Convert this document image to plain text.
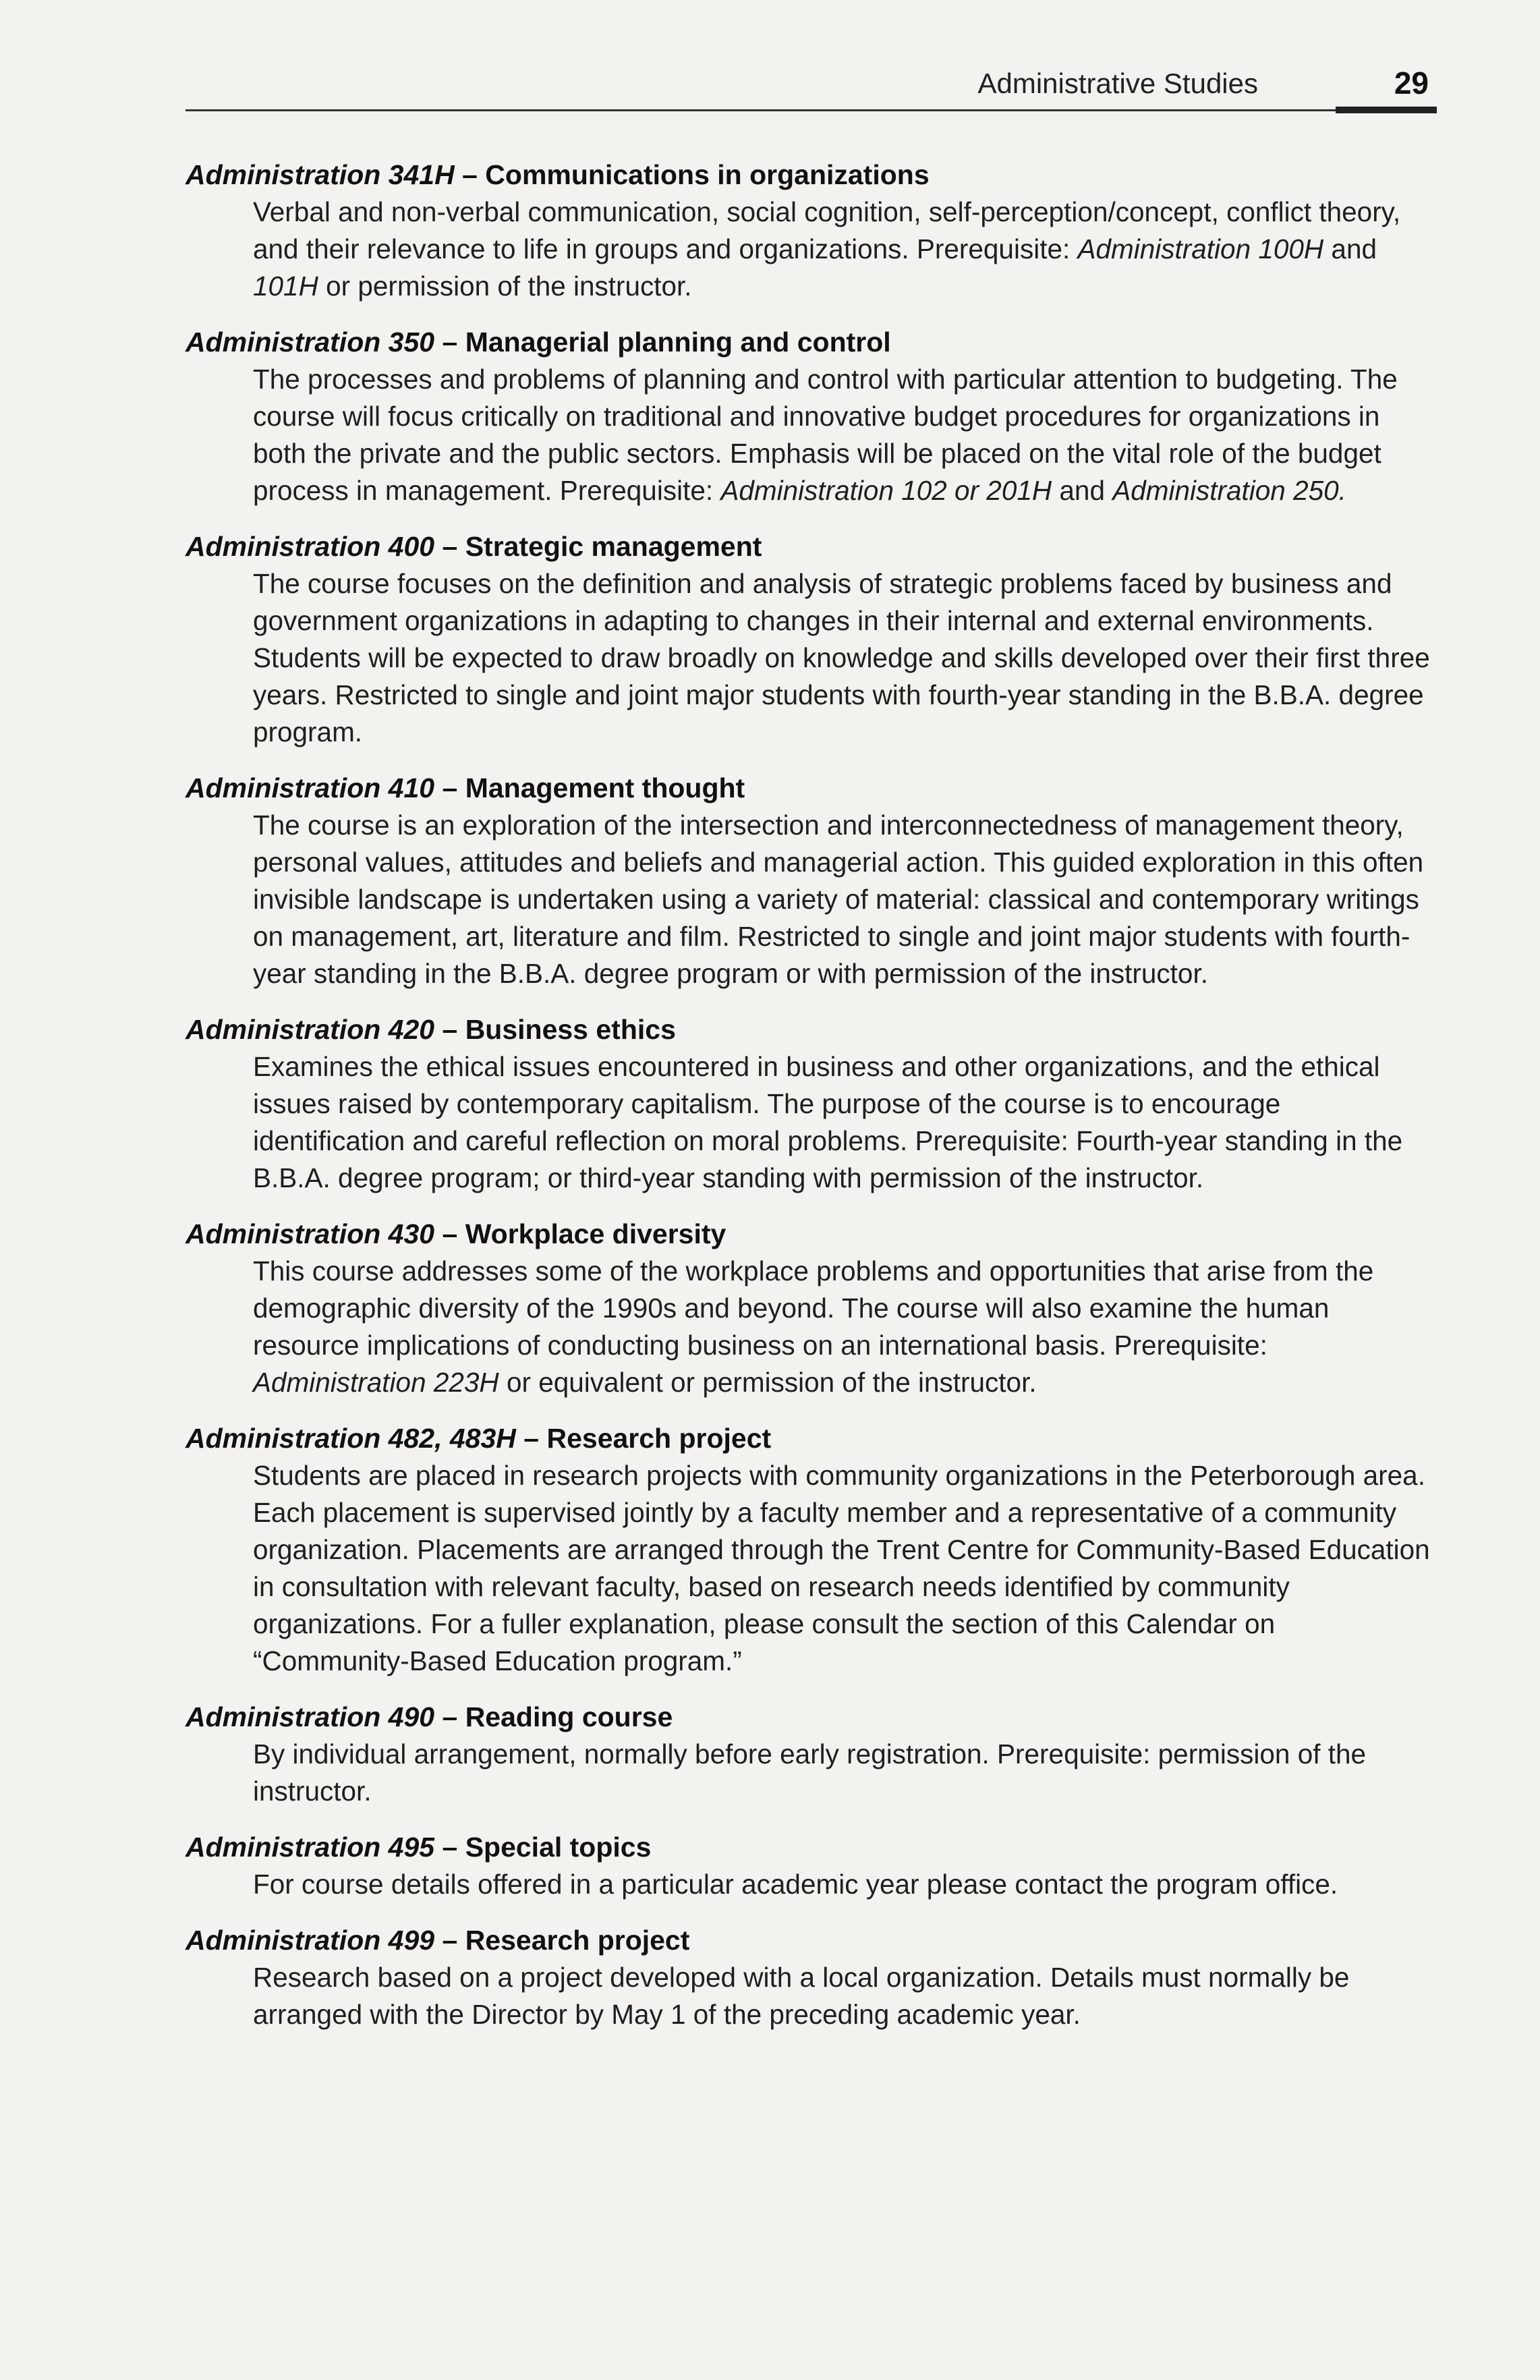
Administrative Studies	29

Administration 341H – Communications in organizations

Verbal and non-verbal communication, social cognition, self-perception/concept, conflict theory, and their relevance to life in groups and organizations. Prerequisite: Administration 100H and 101H or permission of the instructor.

Administration 350 – Managerial planning and control

The processes and problems of planning and control with particular attention to budgeting. The course will focus critically on traditional and innovative budget procedures for organizations in both the private and the public sectors. Emphasis will be placed on the vital role of the budget process in management. Prerequisite: Administration 102 or 201H and Administration 250.

Administration 400 – Strategic management

The course focuses on the definition and analysis of strategic problems faced by business and government organizations in adapting to changes in their internal and external environments. Students will be expected to draw broadly on knowledge and skills developed over their first three years. Restricted to single and joint major students with fourth-year standing in the B.B.A. degree program.

Administration 410 – Management thought

The course is an exploration of the intersection and interconnectedness of management theory, personal values, attitudes and beliefs and managerial action. This guided exploration in this often invisible landscape is undertaken using a variety of material: classical and contemporary writings on management, art, literature and film. Restricted to single and joint major students with fourth-year standing in the B.B.A. degree program or with permission of the instructor.

Administration 420 – Business ethics

Examines the ethical issues encountered in business and other organizations, and the ethical issues raised by contemporary capitalism. The purpose of the course is to encourage identification and careful reflection on moral problems. Prerequisite: Fourth-year standing in the B.B.A. degree program; or third-year standing with permission of the instructor.

Administration 430 – Workplace diversity

This course addresses some of the workplace problems and opportunities that arise from the demographic diversity of the 1990s and beyond. The course will also examine the human resource implications of conducting business on an international basis. Prerequisite: Administration 223H or equivalent or permission of the instructor.

Administration 482, 483H – Research project

Students are placed in research projects with community organizations in the Peterborough area. Each placement is supervised jointly by a faculty member and a representative of a community organization. Placements are arranged through the Trent Centre for Community-Based Education in consultation with relevant faculty, based on research needs identified by community organizations. For a fuller explanation, please consult the section of this Calendar on “Community-Based Education program.”

Administration 490 – Reading course

By individual arrangement, normally before early registration. Prerequisite: permission of the instructor.

Administration 495 – Special topics

For course details offered in a particular academic year please contact the program office.

Administration 499 – Research project

Research based on a project developed with a local organization. Details must normally be arranged with the Director by May 1 of the preceding academic year.
